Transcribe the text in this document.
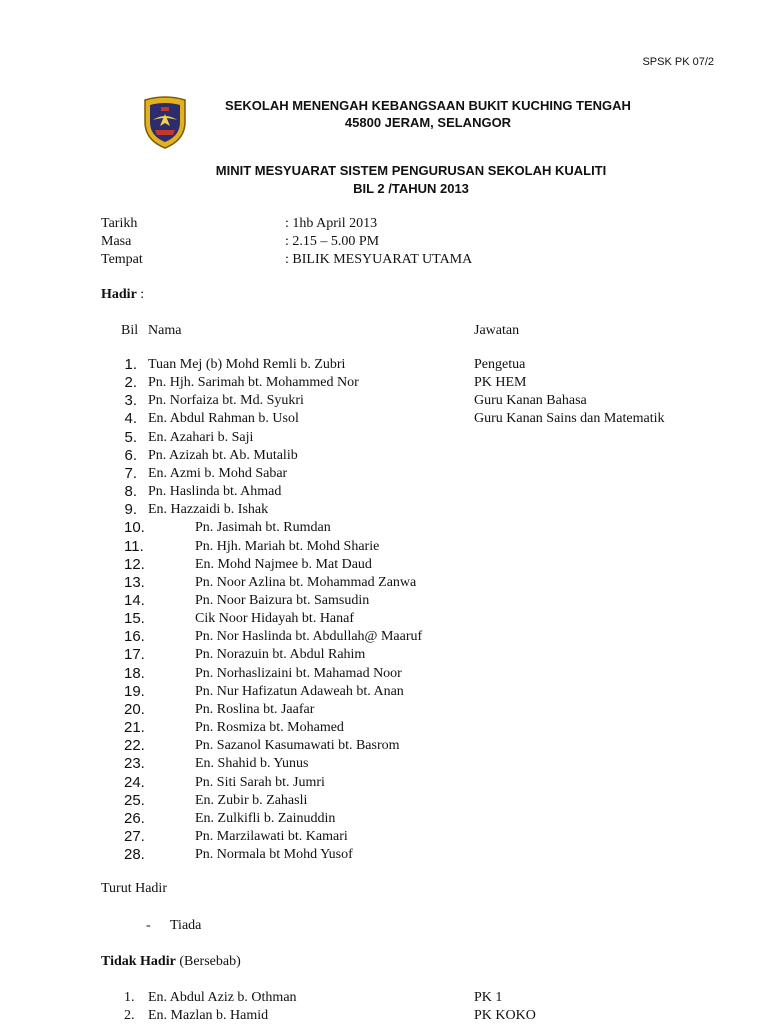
SPSK PK 07/2
SEKOLAH MENENGAH KEBANGSAAN BUKIT KUCHING TENGAH
45800 JERAM, SELANGOR
MINIT MESYUARAT SISTEM PENGURUSAN SEKOLAH KUALITI
BIL 2 /TAHUN 2013
Tarikh	: 1hb April 2013
Masa	: 2.15 – 5.00 PM
Tempat	: BILIK MESYUARAT UTAMA
Hadir :
Bil Nama	Jawatan
1. Tuan Mej (b) Mohd Remli b. Zubri	Pengetua
2. Pn. Hjh. Sarimah bt. Mohammed Nor	PK HEM
3. Pn. Norfaiza bt. Md. Syukri	Guru Kanan Bahasa
4. En. Abdul Rahman b. Usol	Guru Kanan Sains dan Matematik
5. En. Azahari b. Saji
6. Pn. Azizah bt. Ab. Mutalib
7. En. Azmi b. Mohd Sabar
8. Pn. Haslinda bt. Ahmad
9. En. Hazzaidi b. Ishak
10.	Pn. Jasimah bt. Rumdan
11.	Pn. Hjh. Mariah bt. Mohd Sharie
12.	En. Mohd Najmee b. Mat Daud
13.	Pn. Noor Azlina bt. Mohammad Zanwa
14.	Pn. Noor Baizura bt. Samsudin
15.	Cik Noor Hidayah bt. Hanaf
16.	Pn. Nor Haslinda bt. Abdullah@ Maaruf
17.	Pn. Norazuin bt. Abdul Rahim
18.	Pn. Norhaslizaini bt. Mahamad Noor
19.	Pn. Nur Hafizatun Adaweah bt. Anan
20.	Pn. Roslina bt. Jaafar
21.	Pn. Rosmiza bt. Mohamed
22.	Pn. Sazanol Kasumawati bt. Basrom
23.	En. Shahid b. Yunus
24.	Pn. Siti Sarah bt. Jumri
25.	En. Zubir b. Zahasli
26.	En. Zulkifli b. Zainuddin
27.	Pn. Marzilawati bt. Kamari
28.	Pn. Normala bt Mohd Yusof
Turut Hadir
- Tiada
Tidak Hadir (Bersebab)
1. En. Abdul Aziz b. Othman	PK 1
2. En. Mazlan b. Hamid	PK KOKO
